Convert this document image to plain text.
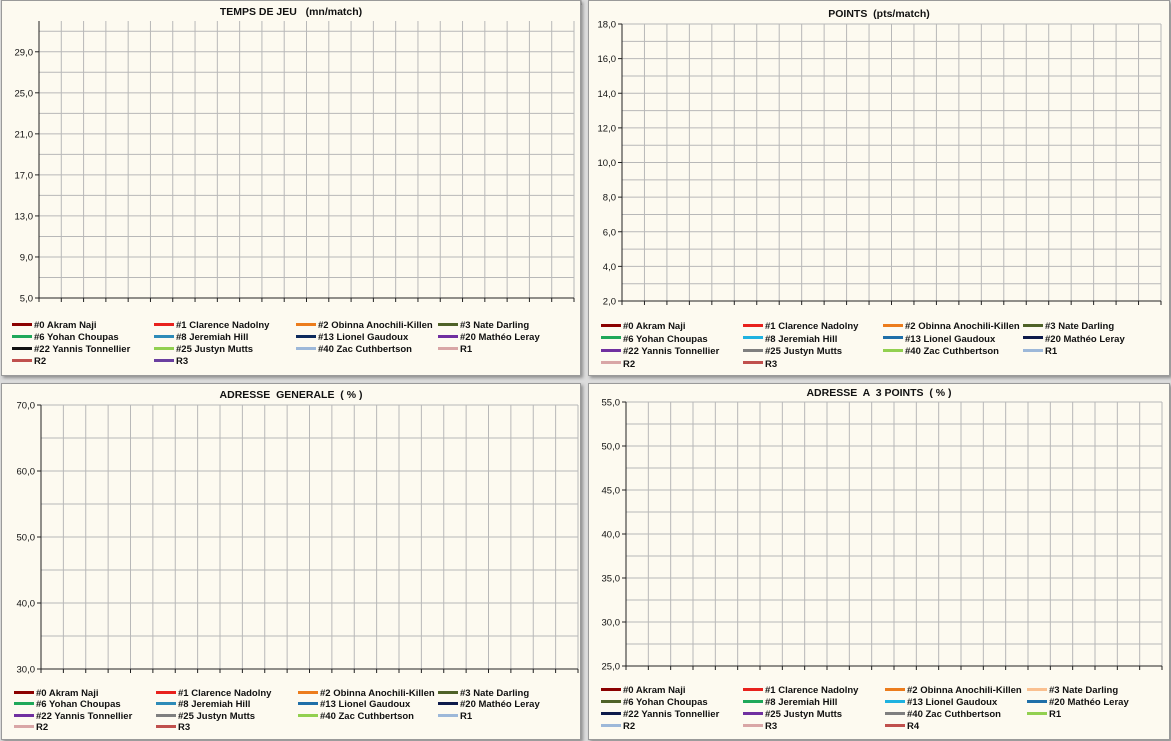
TEMPS DE JEU   (mn/match)
5,0
9,0
13,0
17,0
21,0
25,0
29,0
#0 Akram Naji	#1 Clarence Nadolny	#2 Obinna Anochili-Killen	#3 Nate Darling
#6 Yohan Choupas	#8 Jeremiah Hill	#13 Lionel Gaudoux	#20 Mathéo Leray
#22 Yannis Tonnellier	#25 Justyn Mutts	#40 Zac Cuthbertson	R1
R2	R3
POINTS  (pts/match)
2,0
4,0
6,0
8,0
10,0
12,0
14,0
16,0
18,0
#0 Akram Naji	#1 Clarence Nadolny	#2 Obinna Anochili-Killen	#3 Nate Darling
#6 Yohan Choupas	#8 Jeremiah Hill	#13 Lionel Gaudoux	#20 Mathéo Leray
#22 Yannis Tonnellier	#25 Justyn Mutts	#40 Zac Cuthbertson	R1
R2	R3
ADRESSE  GENERALE  ( % )
30,0
40,0
50,0
60,0
70,0
#0 Akram Naji	#1 Clarence Nadolny	#2 Obinna Anochili-Killen	#3 Nate Darling
#6 Yohan Choupas	#8 Jeremiah Hill	#13 Lionel Gaudoux	#20 Mathéo Leray
#22 Yannis Tonnellier	#25 Justyn Mutts	#40 Zac Cuthbertson	R1
R2	R3
ADRESSE  A  3 POINTS  ( % )
25,0
30,0
35,0
40,0
45,0
50,0
55,0
#0 Akram Naji	#1 Clarence Nadolny	#2 Obinna Anochili-Killen	#3 Nate Darling
#6 Yohan Choupas	#8 Jeremiah Hill	#13 Lionel Gaudoux	#20 Mathéo Leray
#22 Yannis Tonnellier	#25 Justyn Mutts	#40 Zac Cuthbertson	R1
R2	R3	R4
